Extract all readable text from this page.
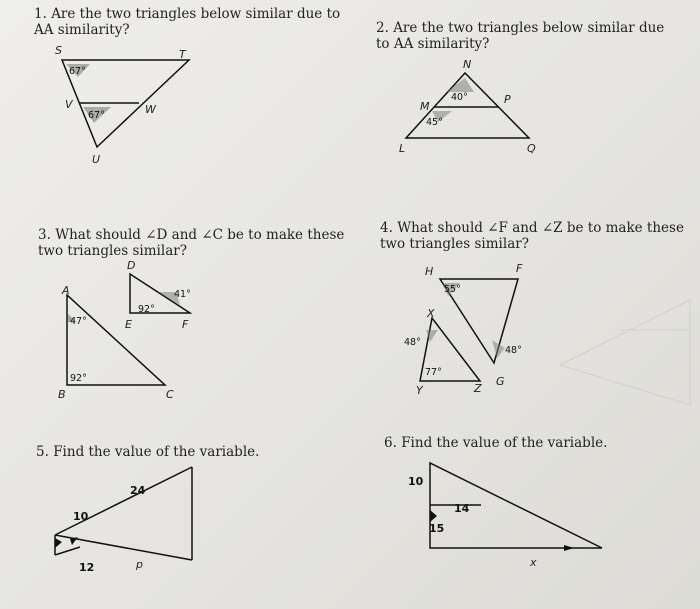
1. Are the two triangles below similar due to AA similarity?	2. Are the two triangles below similar due to AA similarity?
3. What should ∠D and ∠C be to make these two triangles similar?
4. What should ∠F and ∠Z be to make these two triangles similar?
5. Find the value of the variable.
6. Find the value of the variable.
S	T
V	W
U
67°
67°
N
M
P
L	Q
40°
45°
D
A
E	F
B	C
47°
92°
41°
92°
H	F
X
Y	Z
G
55°
48°
77°
48°
24
10
12	p
10
14
15
x
